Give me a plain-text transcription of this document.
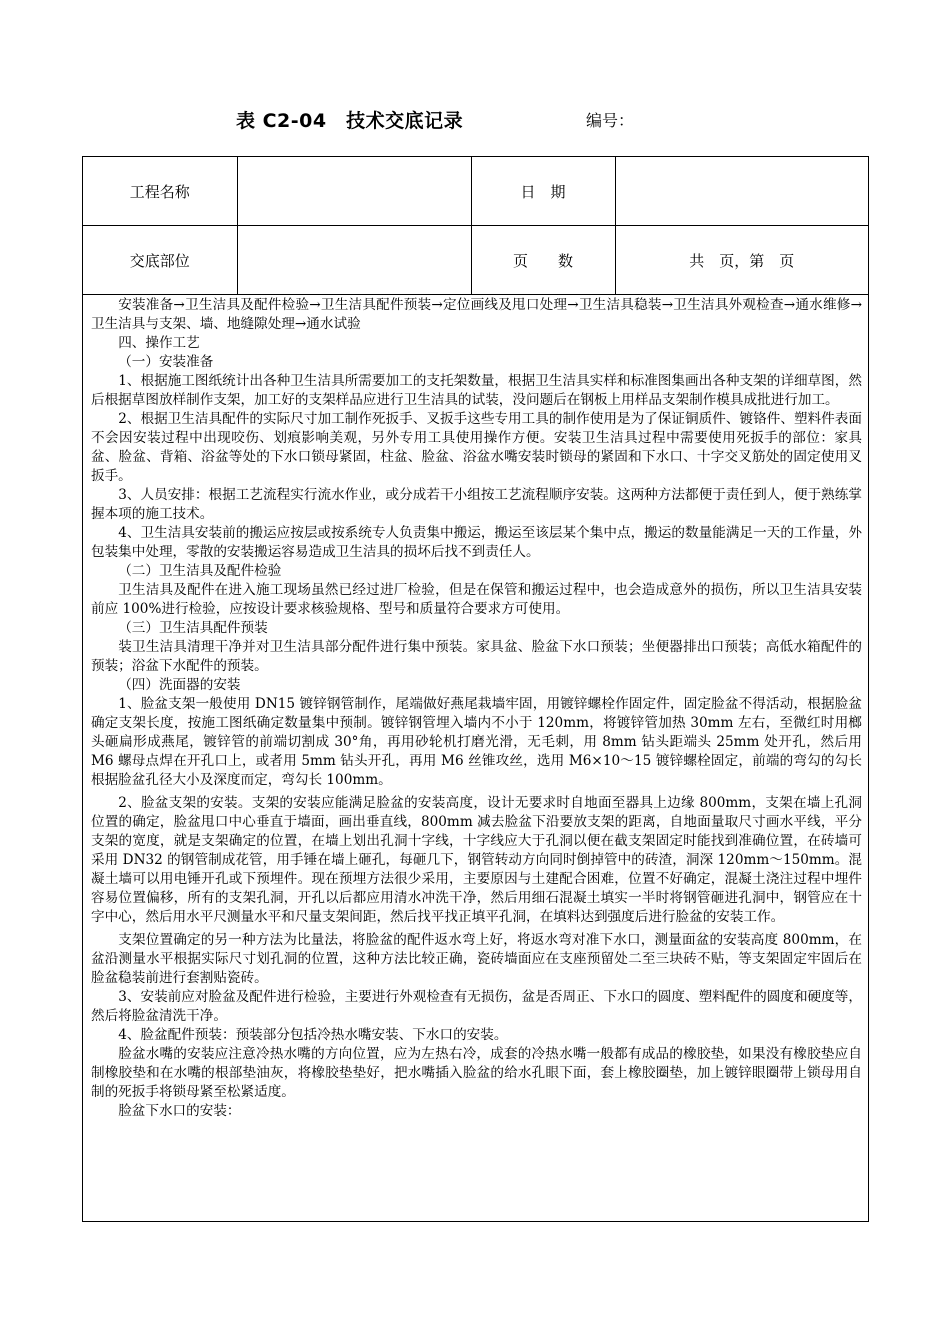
表 C2-04　技术交底记录	编号：
工程名称		日　期	
交底部位		页　　数	共　页，第　页

安装准备→卫生洁具及配件检验→卫生洁具配件预装→定位画线及甩口处理→卫生洁具稳装→卫生洁具外观检查→通水维修→卫生洁具与支架、墙、地缝隙处理→通水试验

四、操作工艺

（一）安装准备

1、根据施工图纸统计出各种卫生洁具所需要加工的支托架数量，根据卫生洁具实样和标准图集画出各种支架的详细草图，然后根据草图放样制作支架，加工好的支架样品应进行卫生洁具的试装，没问题后在钢板上用样品支架制作模具成批进行加工。

2、根据卫生洁具配件的实际尺寸加工制作死扳手、叉扳手这些专用工具的制作使用是为了保证铜质件、镀铬件、塑料件表面不会因安装过程中出现咬伤、划痕影响美观，另外专用工具使用操作方便。安装卫生洁具过程中需要使用死扳手的部位：家具盆、脸盆、背箱、浴盆等处的下水口锁母紧固，柱盆、脸盆、浴盆水嘴安装时锁母的紧固和下水口、十字交叉筋处的固定使用叉扳手。

3、人员安排：根据工艺流程实行流水作业，或分成若干小组按工艺流程顺序安装。这两种方法都便于责任到人，便于熟练掌握本项的施工技术。

4、卫生洁具安装前的搬运应按层或按系统专人负责集中搬运，搬运至该层某个集中点，搬运的数量能满足一天的工作量，外包装集中处理，零散的安装搬运容易造成卫生洁具的损坏后找不到责任人。

（二）卫生洁具及配件检验

卫生洁具及配件在进入施工现场虽然已经过进厂检验，但是在保管和搬运过程中，也会造成意外的损伤，所以卫生洁具安装前应 100%进行检验，应按设计要求核验规格、型号和质量符合要求方可使用。

（三）卫生洁具配件预装

装卫生洁具清理干净并对卫生洁具部分配件进行集中预装。家具盆、脸盆下水口预装；坐便器排出口预装；高低水箱配件的预装；浴盆下水配件的预装。

（四）洗面器的安装

1、脸盆支架一般使用 DN15 镀锌钢管制作，尾端做好燕尾栽墙牢固，用镀锌螺栓作固定件，固定脸盆不得活动，根据脸盆确定支架长度，按施工图纸确定数量集中预制。镀锌钢管埋入墙内不小于 120mm，将镀锌管加热 30mm 左右，至微红时用榔头砸扁形成燕尾，镀锌管的前端切割成 30°角，再用砂轮机打磨光滑，无毛刺，用 8mm 钻头距端头 25mm 处开孔，然后用 M6 螺母点焊在开孔口上，或者用 5mm 钻头开孔，再用 M6 丝锥攻丝，选用 M6×10～15 镀锌螺栓固定，前端的弯勾的勾长根据脸盆孔径大小及深度而定，弯勾长 100mm。

2、脸盆支架的安装。支架的安装应能满足脸盆的安装高度，设计无要求时自地面至器具上边缘 800mm，支架在墙上孔洞位置的确定，脸盆甩口中心垂直于墙面，画出垂直线，800mm 减去脸盆下沿要放支架的距离，自地面量取尺寸画水平线，平分支架的宽度，就是支架确定的位置，在墙上划出孔洞十字线，十字线应大于孔洞以便在截支架固定时能找到准确位置，在砖墙可采用 DN32 的钢管制成花管，用手锤在墙上砸孔，每砸几下，钢管转动方向同时倒掉管中的砖渣，洞深 120mm～150mm。混凝土墙可以用电锤开孔或下预埋件。现在预埋方法很少采用，主要原因与土建配合困难，位置不好确定，混凝土浇注过程中埋件容易位置偏移，所有的支架孔洞，开孔以后都应用清水冲洗干净，然后用细石混凝土填实一半时将钢管砸进孔洞中，钢管应在十字中心，然后用水平尺测量水平和尺量支架间距，然后找平找正填平孔洞，在填料达到强度后进行脸盆的安装工作。

支架位置确定的另一种方法为比量法，将脸盆的配件返水弯上好，将返水弯对准下水口，测量面盆的安装高度 800mm，在盆沿测量水平根据实际尺寸划孔洞的位置，这种方法比较正确，瓷砖墙面应在支座预留处二至三块砖不贴，等支架固定牢固后在脸盆稳装前进行套割贴瓷砖。

3、安装前应对脸盆及配件进行检验，主要进行外观检查有无损伤，盆是否周正、下水口的圆度、塑料配件的圆度和硬度等，然后将脸盆清洗干净。

4、脸盆配件预装：预装部分包括冷热水嘴安装、下水口的安装。

脸盆水嘴的安装应注意冷热水嘴的方向位置，应为左热右冷，成套的冷热水嘴一般都有成品的橡胶垫，如果没有橡胶垫应自制橡胶垫和在水嘴的根部垫油灰，将橡胶垫垫好，把水嘴插入脸盆的给水孔眼下面，套上橡胶圈垫，加上镀锌眼圈带上锁母用自制的死扳手将锁母紧至松紧适度。

脸盆下水口的安装：
